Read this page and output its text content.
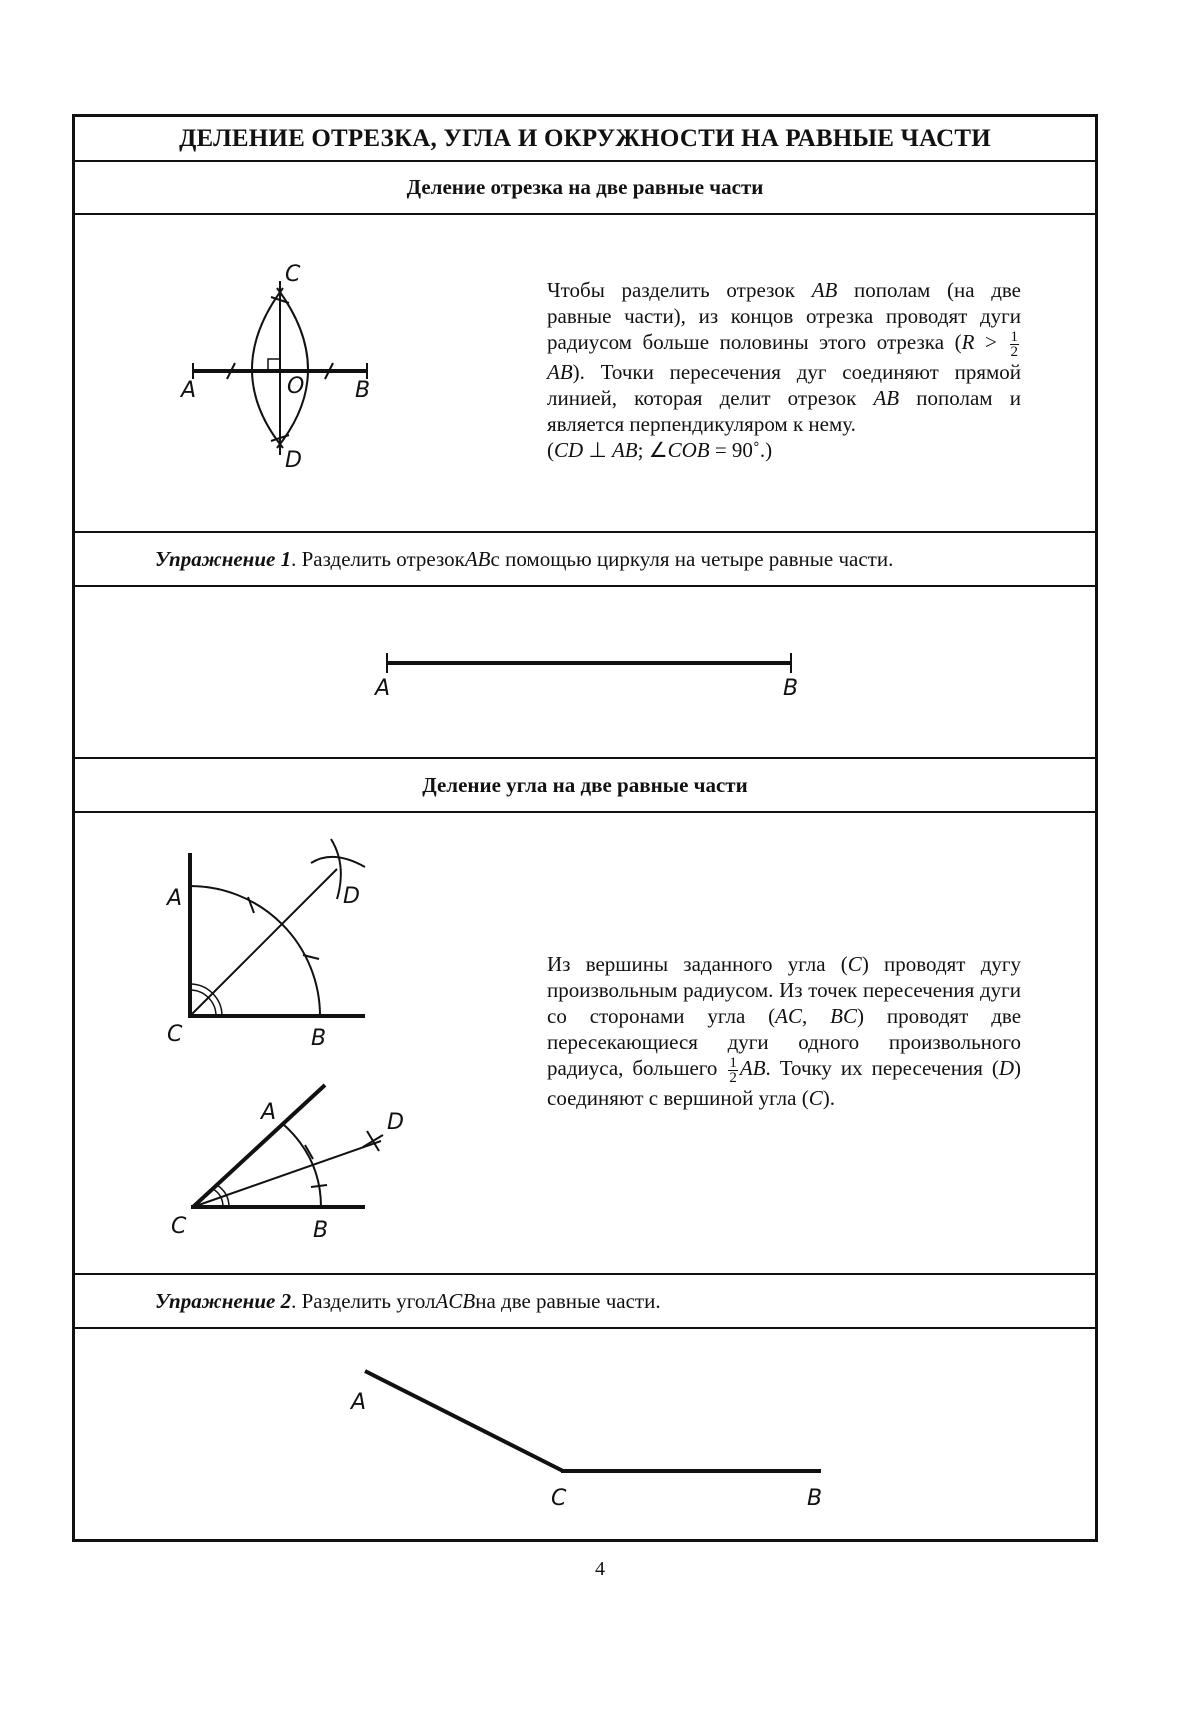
ДЕЛЕНИЕ ОТРЕЗКА, УГЛА И ОКРУЖНОСТИ НА РАВНЫЕ ЧАСТИ
Деление отрезка на две равные части
A	B
C
D
O
Чтобы разделить отрезок AB пополам (на две равные части), из концов отрезка проводят дуги радиусом больше половины этого отрезка ($R > \frac{1}{2}$
AB). Точки пересечения дуг соединяют прямой линией, которая делит отрезок AB пополам и является перпендикуляром к нему.
(CD ⊥ AB; ∠COB = 90˚.)
Упражнение 1 . Разделить отрезок AB с помощью циркуля на четыре равные части.
A	B
Деление угла на две равные части
A	D
C	B
A	D
C	B
Из вершины заданного угла (C) проводят дугу произвольным радиусом. Из точек пересечения дуги со сторонами угла (AC, BC) проводят две пересекающиеся дуги одного произвольного радиуса, большего $\frac{1}{2}$ AB. Точку их пересечения (D) соединяют с вершиной угла (C).
Упражнение 2 . Разделить угол ACB на две равные части.
A
C	B
4
